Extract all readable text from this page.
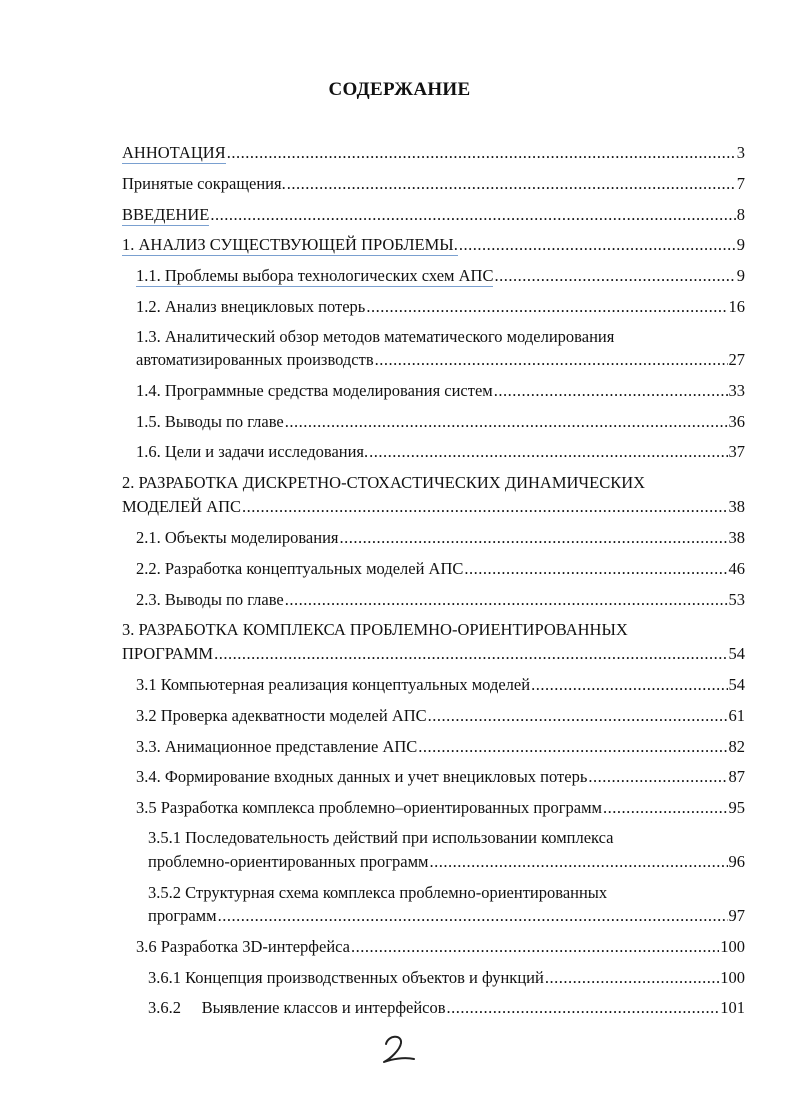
СОДЕРЖАНИЕ
АННОТАЦИЯ .....	3
Принятые сокращения. .....	7
ВВЕДЕНИЕ .....	8
1. АНАЛИЗ СУЩЕСТВУЮЩЕЙ ПРОБЛЕМЫ. .....	9
1.1. Проблемы выбора технологических схем АПС .....	9
1.2. Анализ внецикловых потерь .....	16
1.3. Аналитический обзор методов математического моделирования
автоматизированных производств .....	27
1.4. Программные средства моделирования систем .....	33
1.5. Выводы по главе .....	36
1.6. Цели и задачи исследования. .....	37
2. РАЗРАБОТКА ДИСКРЕТНО-СТОХАСТИЧЕСКИХ ДИНАМИЧЕСКИХ
МОДЕЛЕЙ АПС .....	38
2.1. Объекты моделирования .....	38
2.2. Разработка концептуальных моделей АПС .....	46
2.3. Выводы по главе .....	53
3. РАЗРАБОТКА КОМПЛЕКСА ПРОБЛЕМНО-ОРИЕНТИРОВАННЫХ
ПРОГРАММ .....	54
3.1 Компьютерная реализация концептуальных моделей .....	54
3.2 Проверка адекватности моделей АПС .....	61
3.3. Анимационное представление АПС .....	82
3.4. Формирование входных данных и учет внецикловых потерь .....	87
3.5 Разработка комплекса проблемно–ориентированных программ .....	95
3.5.1 Последовательность действий при использовании комплекса
проблемно-ориентированных программ .....	96
3.5.2 Структурная схема комплекса проблемно-ориентированных
программ .....	97
3.6 Разработка 3D-интерфейса .....	100
3.6.1 Концепция производственных объектов и функций .....	100
3.6.2     Выявление классов и интерфейсов .....	101
